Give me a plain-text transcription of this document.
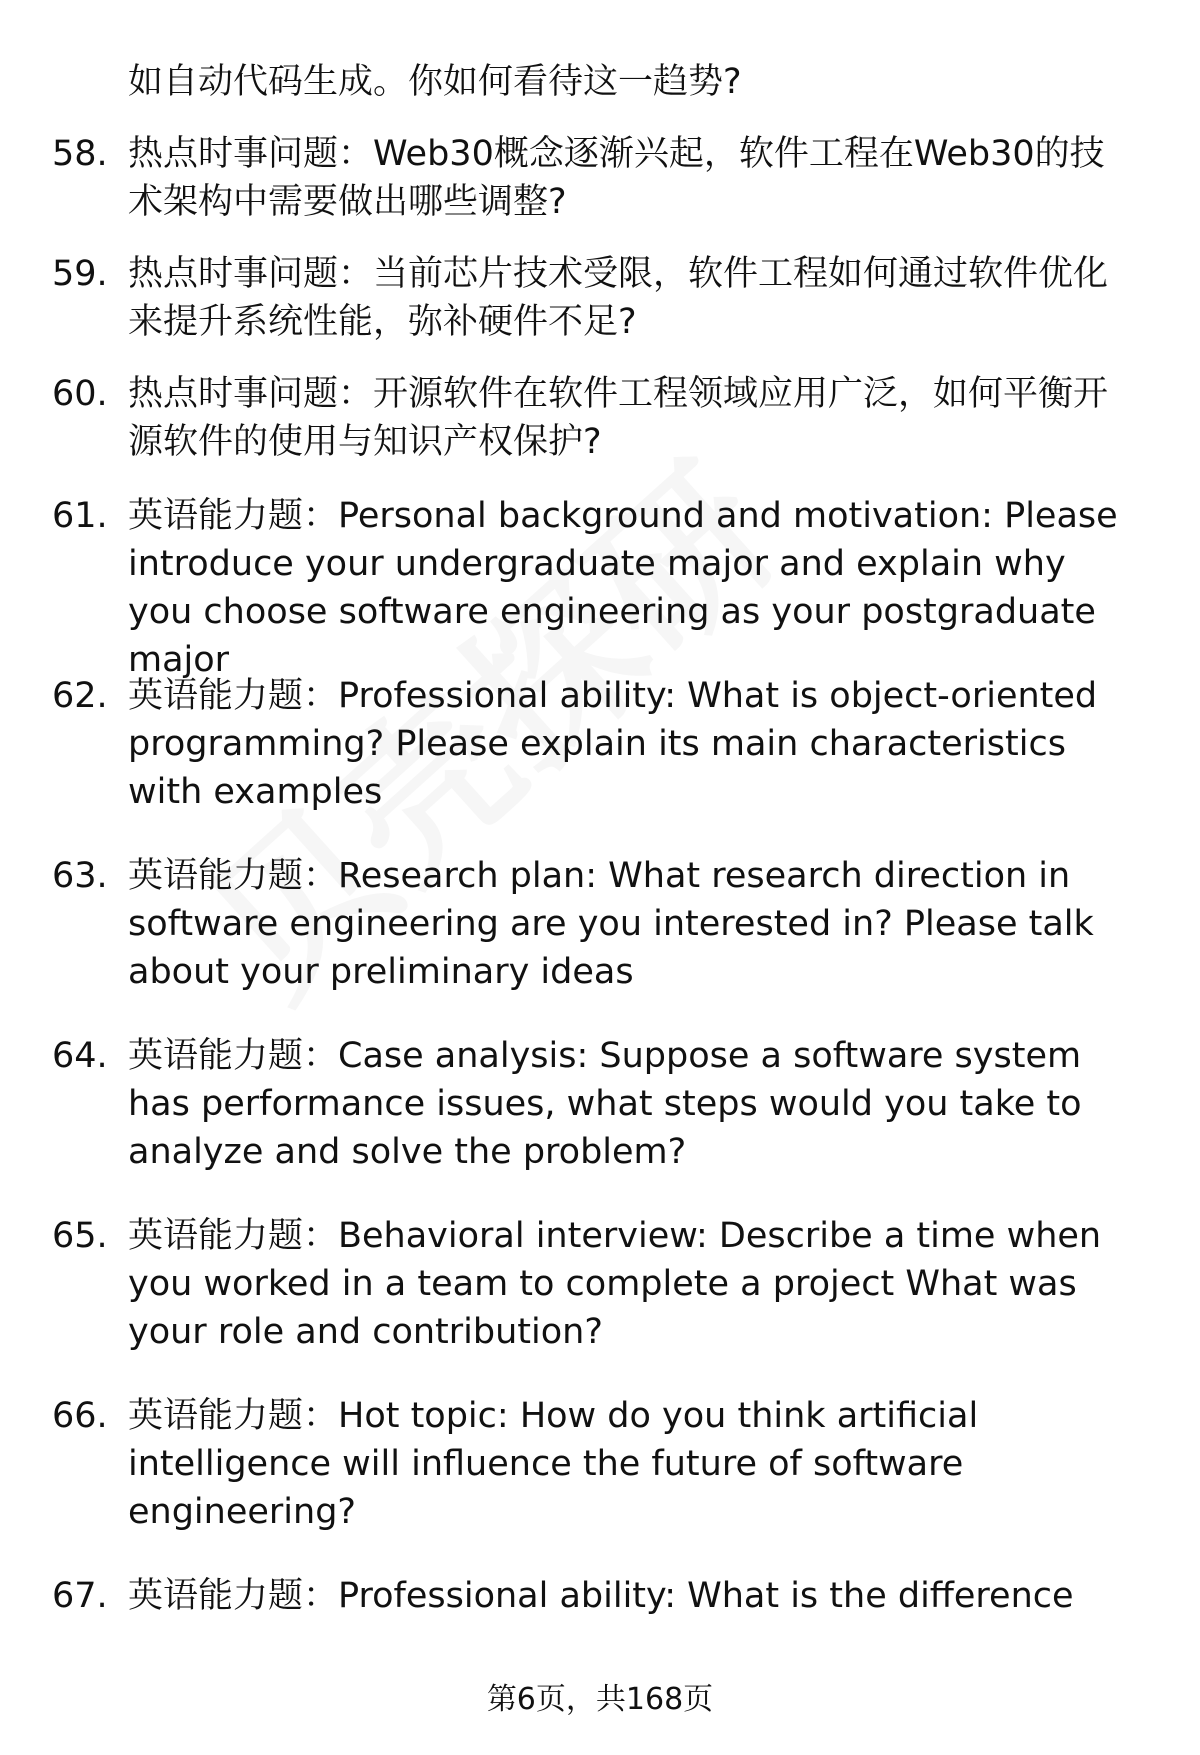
如自动代码生成。你如何看待这一趋势?
58. 热点时事问题：Web30概念逐渐兴起，软件工程在Web30的技术架构中需要做出哪些调整?
59. 热点时事问题：当前芯片技术受限，软件工程如何通过软件优化来提升系统性能，弥补硬件不足?
60. 热点时事问题：开源软件在软件工程领域应用广泛，如何平衡开源软件的使用与知识产权保护?
61. 英语能力题：Personal background and motivation: Please introduce your undergraduate major and explain why you choose software engineering as your postgraduate major
62. 英语能力题：Professional ability: What is object-oriented programming? Please explain its main characteristics with examples
63. 英语能力题：Research plan: What research direction in software engineering are you interested in? Please talk about your preliminary ideas
64. 英语能力题：Case analysis: Suppose a software system has performance issues, what steps would you take to analyze and solve the problem?
65. 英语能力题：Behavioral interview: Describe a time when you worked in a team to complete a project What was your role and contribution?
66. 英语能力题：Hot topic: How do you think artificial intelligence will influence the future of software engineering?
67. 英语能力题：Professional ability: What is the difference
第6页，共168页
